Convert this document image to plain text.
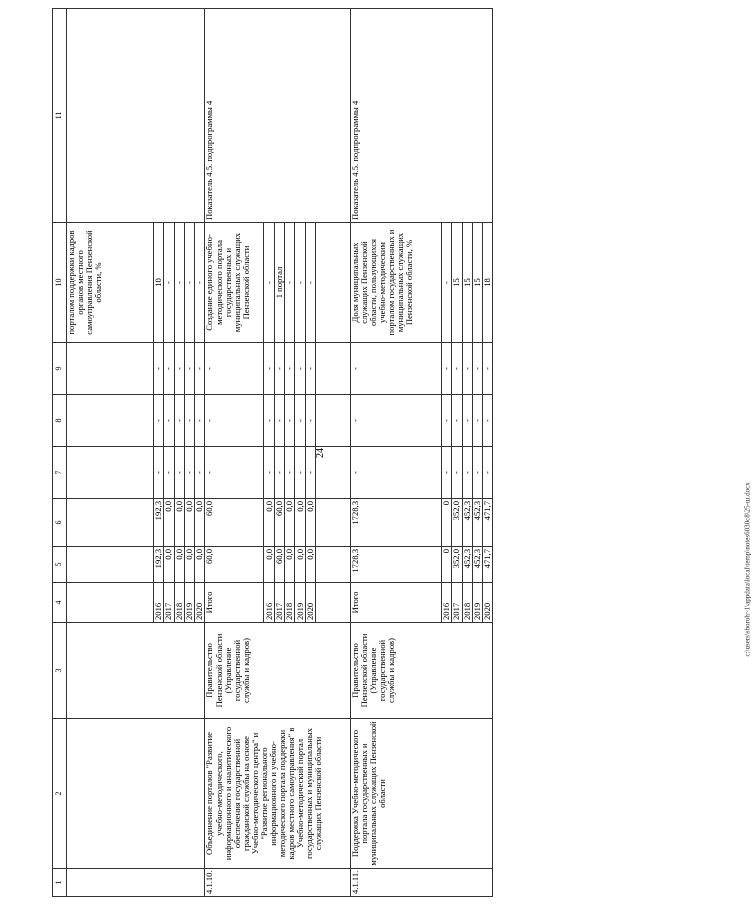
24
1	2	3	4	5	6	7	8	9	10	11
									порталом поддержки кадров органов местного самоуправления Пензенской области, %	
			2016	192,3	192,3	-	-	-	10	
			2017	0,0	0,0	-	-	-	-	
			2018	0,0	0,0	-	-	-	-	
			2019	0,0	0,0	-	-	-	-	
			2020	0,0	0,0	-	-	-	-	
4.1.10.	Объединение порталов "Развитие учебно-методического, информационного и аналитического обеспечения государственной гражданской службы на основе Учебно-методического центра" и "Развитие регионального информационного и учебно-методического портала поддержки кадров местного самоуправления" в Учебно-методический портал государственных и муниципальных служащих Пензенской области	Правительство Пензенской области (Управление государственной службы и кадров)	Итого	60,0	60,0	-	-	-	Создание единого учебно-методического портала государственных и муниципальных служащих Пензенской области	Показатель 4.5. подпрограммы 4
			2016	0,0	0,0	-	-	-	-	
			2017	60,0	60,0	-	-	-	1 портал	
			2018	0,0	0,0	-	-	-	-	
			2019	0,0	0,0	-	-	-	-	
			2020	0,0	0,0	-	-	-	-	

4.1.11.	Поддержка Учебно-методического портала государственных и муниципальных служащих Пензенской области	Правительство Пензенской области (Управление государственной службы и кадров)	Итого	1728,3	1728,3	-	-	-	Доля муниципальных служащих Пензенской области, пользующихся учебно-методическим порталом государственных и муниципальных служащих Пензенской области, %	Показатель 4.5. подпрограммы 4
			2016	0	0	-	-	-	-	
			2017	352,0	352,0	-	-	-	15	
			2018	452,3	452,3	-	-	-	15	
			2019	452,3	452,3	-	-	-	15	
			2020	471,7	471,7	-	-	-	18	
c:\users\sboroh~1\appdata\local\temp\notes6030c8\25-ш.docx
